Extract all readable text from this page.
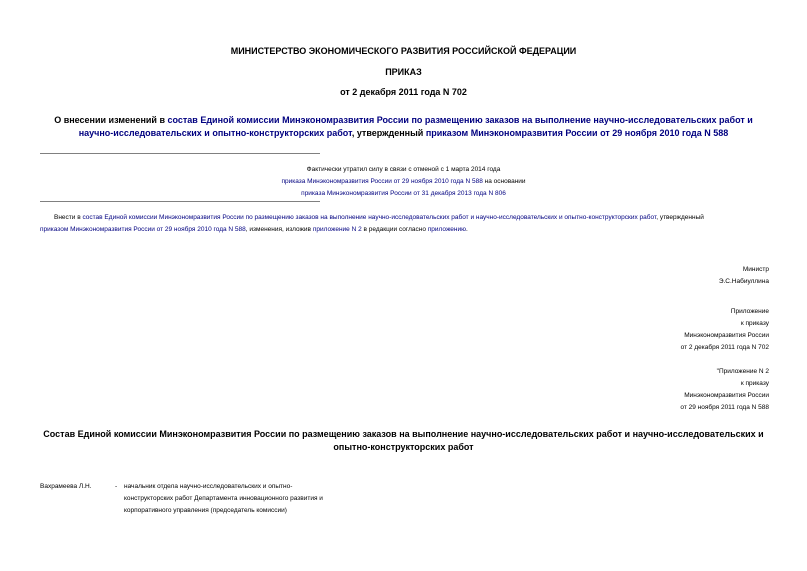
МИНИСТЕРСТВО ЭКОНОМИЧЕСКОГО РАЗВИТИЯ РОССИЙСКОЙ ФЕДЕРАЦИИ
ПРИКАЗ
от 2 декабря 2011 года N 702
О внесении изменений в состав Единой комиссии Минэкономразвития России по размещению заказов на выполнение научно-исследовательских работ и научно-исследовательских и опытно-конструкторских работ, утвержденный приказом Минэкономразвития России от 29 ноября 2010 года N 588
Фактически утратил силу в связи с отменой с 1 марта 2014 года
приказа Минэкономразвития России от 29 ноября 2010 года N 588 на основании
приказа Минэкономразвития России от 31 декабря 2013 года N 806
Внести в состав Единой комиссии Минэкономразвития России по размещению заказов на выполнение научно-исследовательских работ и научно-исследовательских и опытно-конструкторских работ, утвержденный
приказом Минэкономразвития России от 29 ноября 2010 года N 588, изменения, изложив приложение N 2 в редакции согласно приложению.
Министр
Э.С.Набиуллина
Приложение
к приказу
Минэкономразвития России
от 2 декабря 2011 года N 702
"Приложение N 2
к приказу
Минэкономразвития России
от 29 ноября 2011 года N 588
Состав Единой комиссии Минэкономразвития России по размещению заказов на выполнение научно-исследовательских работ и научно-исследовательских и
опытно-конструкторских работ
Вахрамеева Л.Н.	- начальник отдела научно-исследовательских и опытно-
конструкторских работ Департамента инновационного развития и
корпоративного управления (председатель комиссии)
